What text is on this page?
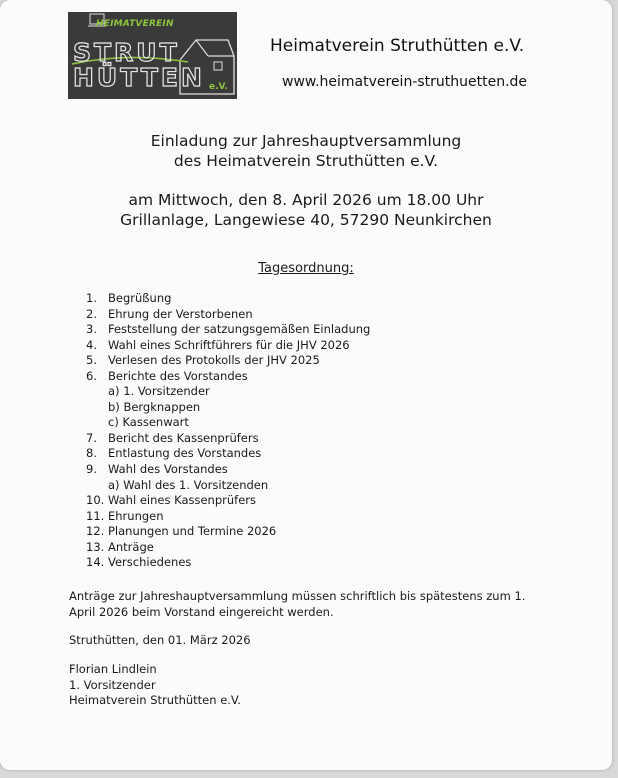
HEIMATVEREIN
STRUT
HÜTTEN e.V.
Heimatverein Struthütten e.V.
www.heimatverein-struthuetten.de
Einladung zur Jahreshauptversammlung
des Heimatverein Struthütten e.V.
am Mittwoch, den 8. April 2026 um 18.00 Uhr
Grillanlage, Langewiese 40, 57290 Neunkirchen
Tagesordnung:
1. Begrüßung
2. Ehrung der Verstorbenen
3. Feststellung der satzungsgemäßen Einladung
4. Wahl eines Schriftführers für die JHV 2026
5. Verlesen des Protokolls der JHV 2025
6. Berichte des Vorstandes
a) 1. Vorsitzender
b) Bergknappen
c) Kassenwart
7. Bericht des Kassenprüfers
8. Entlastung des Vorstandes
9. Wahl des Vorstandes
a) Wahl des 1. Vorsitzenden
10. Wahl eines Kassenprüfers
11. Ehrungen
12. Planungen und Termine 2026
13. Anträge
14. Verschiedenes
Anträge zur Jahreshauptversammlung müssen schriftlich bis spätestens zum 1. April 2026 beim Vorstand eingereicht werden.
Struthütten, den 01. März 2026
Florian Lindlein
1. Vorsitzender
Heimatverein Struthütten e.V.
